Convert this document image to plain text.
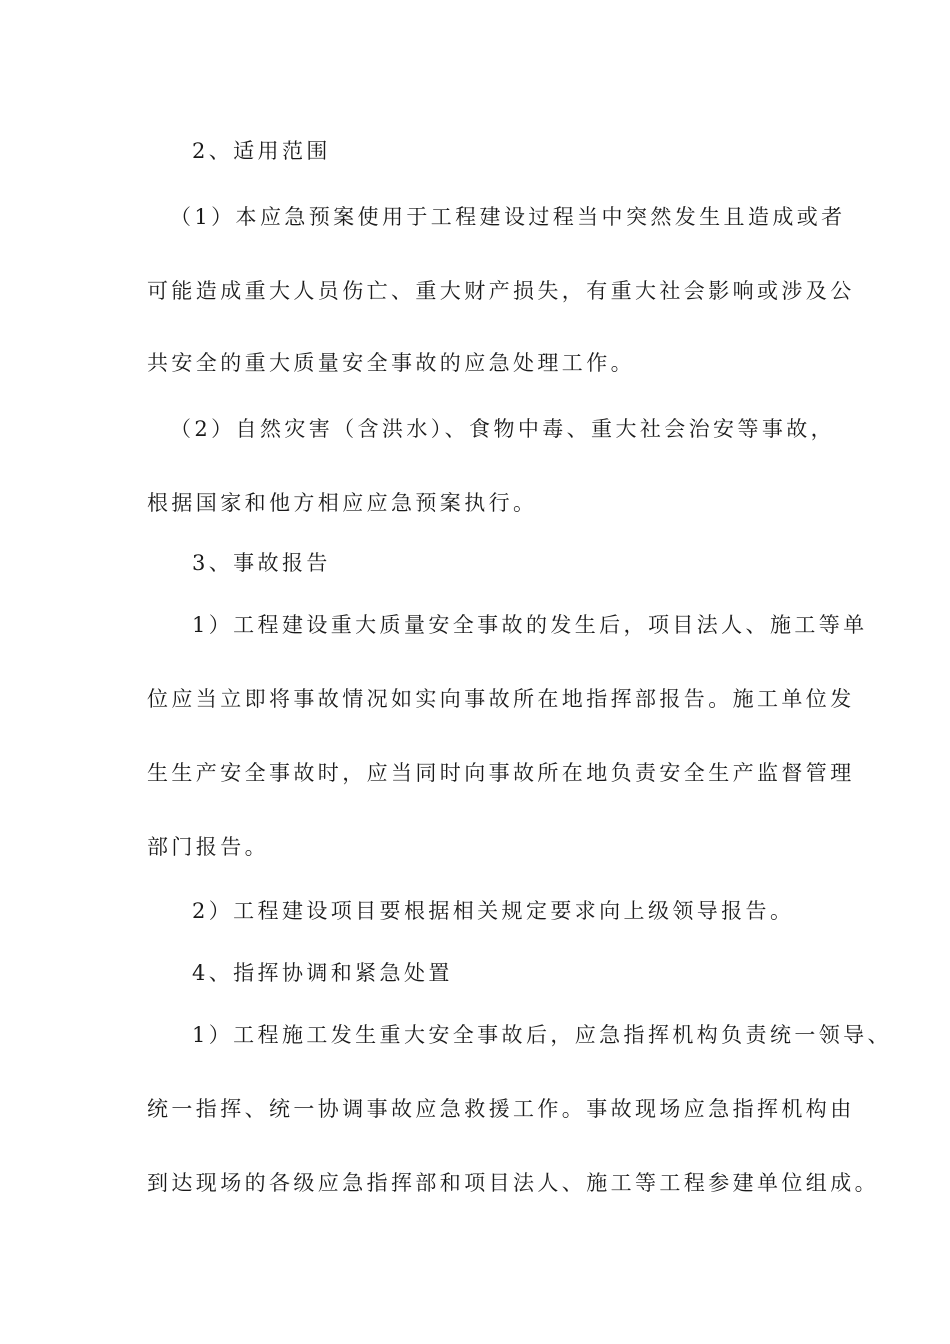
2、适用范围
（1）本应急预案使用于工程建设过程当中突然发生且造成或者
可能造成重大人员伤亡、重大财产损失，有重大社会影响或涉及公
共安全的重大质量安全事故的应急处理工作。
（2）自然灾害（含洪水）、食物中毒、重大社会治安等事故，
根据国家和他方相应应急预案执行。
3、事故报告
1）工程建设重大质量安全事故的发生后，项目法人、施工等单
位应当立即将事故情况如实向事故所在地指挥部报告。施工单位发
生生产安全事故时，应当同时向事故所在地负责安全生产监督管理
部门报告。
2）工程建设项目要根据相关规定要求向上级领导报告。
4、指挥协调和紧急处置
1）工程施工发生重大安全事故后，应急指挥机构负责统一领导、
统一指挥、统一协调事故应急救援工作。事故现场应急指挥机构由
到达现场的各级应急指挥部和项目法人、施工等工程参建单位组成。
